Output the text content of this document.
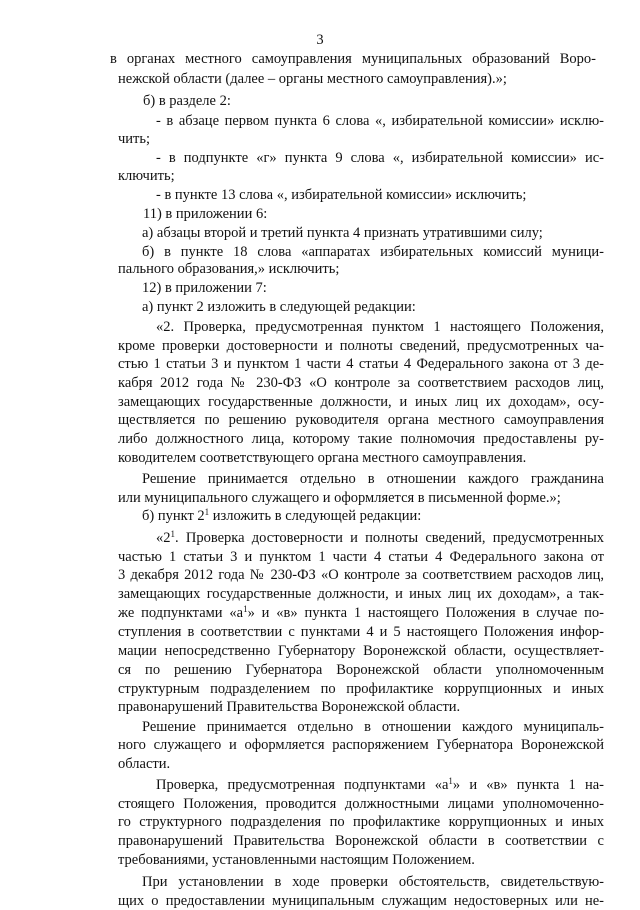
3
в органах местного самоуправления муниципальных образований Воро-
нежской области (далее – органы местного самоуправления).»;
б) в разделе 2:
- в абзаце первом пункта 6 слова «, избирательной комиссии» исклю-
чить;
- в подпункте «г» пункта 9 слова «, избирательной комиссии» ис-
ключить;
- в пункте 13 слова «, избирательной комиссии» исключить;
11) в приложении 6:
а) абзацы второй и третий пункта 4 признать утратившими силу;
б) в пункте 18 слова «аппаратах избирательных комиссий муници-
пального образования,» исключить;
12) в приложении 7:
а) пункт 2 изложить в следующей редакции:
«2. Проверка, предусмотренная пунктом 1 настоящего Положения,
кроме проверки достоверности и полноты сведений, предусмотренных ча-
стью 1 статьи 3 и пунктом 1 части 4 статьи 4 Федерального закона от 3 де-
кабря 2012 года № 230-ФЗ «О контроле за соответствием расходов лиц,
замещающих государственные должности, и иных лиц их доходам», осу-
ществляется по решению руководителя органа местного самоуправления
либо должностного лица, которому такие полномочия предоставлены ру-
ководителем соответствующего органа местного самоуправления.
Решение принимается отдельно в отношении каждого гражданина
или муниципального служащего и оформляется в письменной форме.»;
б) пункт $2^1$ изложить в следующей редакции:
«$2^1$. Проверка достоверности и полноты сведений, предусмотренных
частью 1 статьи 3 и пунктом 1 части 4 статьи 4 Федерального закона от
3 декабря 2012 года № 230-ФЗ «О контроле за соответствием расходов лиц,
замещающих государственные должности, и иных лиц их доходам», а так-
же подпунктами «$а^1$» и «в» пункта 1 настоящего Положения в случае по-
ступления в соответствии с пунктами 4 и 5 настоящего Положения инфор-
мации непосредственно Губернатору Воронежской области, осуществляет-
ся по решению Губернатора Воронежской области уполномоченным
структурным подразделением по профилактике коррупционных и иных
правонарушений Правительства Воронежской области.
Решение принимается отдельно в отношении каждого муниципаль-
ного служащего и оформляется распоряжением Губернатора Воронежской
области.
Проверка, предусмотренная подпунктами «$а^1$» и «в» пункта 1 на-
стоящего Положения, проводится должностными лицами уполномоченно-
го структурного подразделения по профилактике коррупционных и иных
правонарушений Правительства Воронежской области в соответствии с
требованиями, установленными настоящим Положением.
При установлении в ходе проверки обстоятельств, свидетельствую-
щих о предоставлении муниципальным служащим недостоверных или не-
